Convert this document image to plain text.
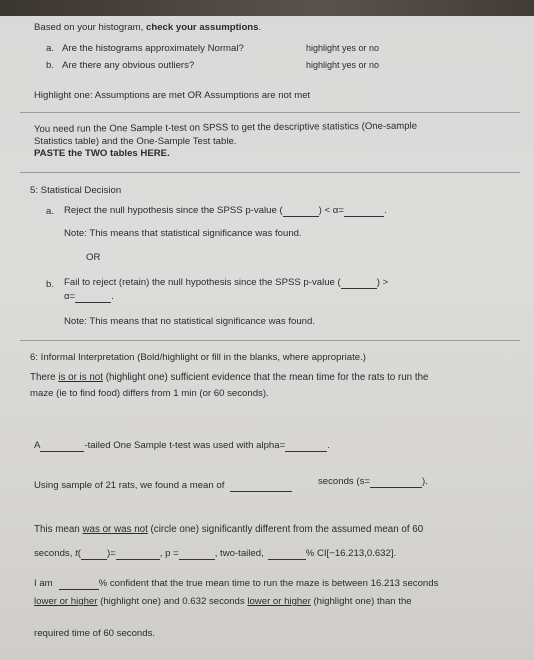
Based on your histogram, check your assumptions.
a. Are the histograms approximately Normal?	highlight yes or no
b. Are there any obvious outliers?	highlight yes or no
Highlight one: Assumptions are met OR Assumptions are not met
You need run the One Sample t-test on SPSS to get the descriptive statistics (One-sample
Statistics table) and the One-Sample Test table.
PASTE the TWO tables HERE.
5: Statistical Decision
a. Reject the null hypothesis since the SPSS p-value (	) < α=	.
Note: This means that statistical significance was found.
OR
b. Fail to reject (retain) the null hypothesis since the SPSS p-value (	) >
α=	.
Note: This means that no statistical significance was found.
6: Informal Interpretation (Bold/highlight or fill in the blanks, where appropriate.)
There is or is not (highlight one) sufficient evidence that the mean time for the rats to run the
maze (ie to find food) differs from 1 min (or 60 seconds).
A	-tailed One Sample t-test was used with alpha=	.
Using sample of 21 rats, we found a mean of	seconds (s=	).
This mean was or was not (circle one) significantly different from the assumed mean of 60
seconds, t(	)=	, p =	, two-tailed,	% CI[−16.213,0.632].
I am	% confident that the true mean time to run the maze is between 16.213 seconds
lower or higher (highlight one) and 0.632 seconds lower or higher (highlight one) than the
required time of 60 seconds.
